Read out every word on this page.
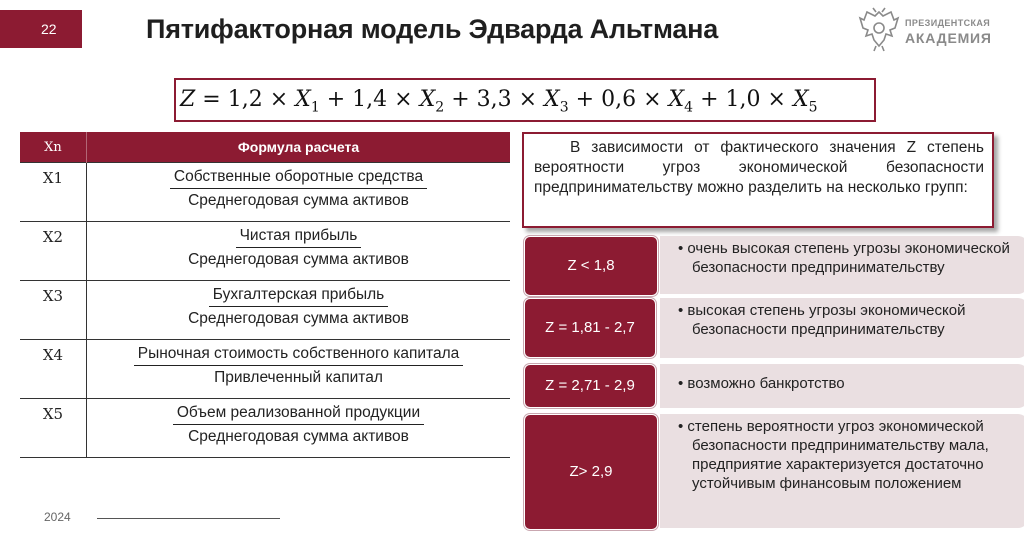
22	Пятифакторная модель Эдварда Альтмана	ПРЕЗИДЕНТСКАЯ
АКАДЕМИЯ
$Z = 1,2 \times X_1 + 1,4 \times X_2 + 3,3 \times X_3 + 0,6 \times X_4 + 1,0 \times X_5$
Xn	Формула расчета
X1	Собственные оборотные средства
Среднегодовая сумма активов

X2	Чистая прибыль
Среднегодовая сумма активов

X3	Бухгалтерская прибыль
Среднегодовая сумма активов

X4	Рыночная стоимость собственного капитала
Привлеченный капитал

X5	Объем реализованной продукции
Среднегодовая сумма активов

В зависимости от фактического значения Z степень вероятности угроз экономической безопасности предпринимательству можно разделить на несколько групп:

Z < 1,8
• очень высокая степень угрозы экономической безопасности предпринимательству
Z = 1,81 - 2,7
• высокая степень угрозы экономической безопасности предпринимательству
Z = 2,71 - 2,9	• возможно банкротство
Z> 2,9
• степень вероятности угроз экономической безопасности предпринимательству мала, предприятие характеризуется достаточно устойчивым финансовым положением
2024
